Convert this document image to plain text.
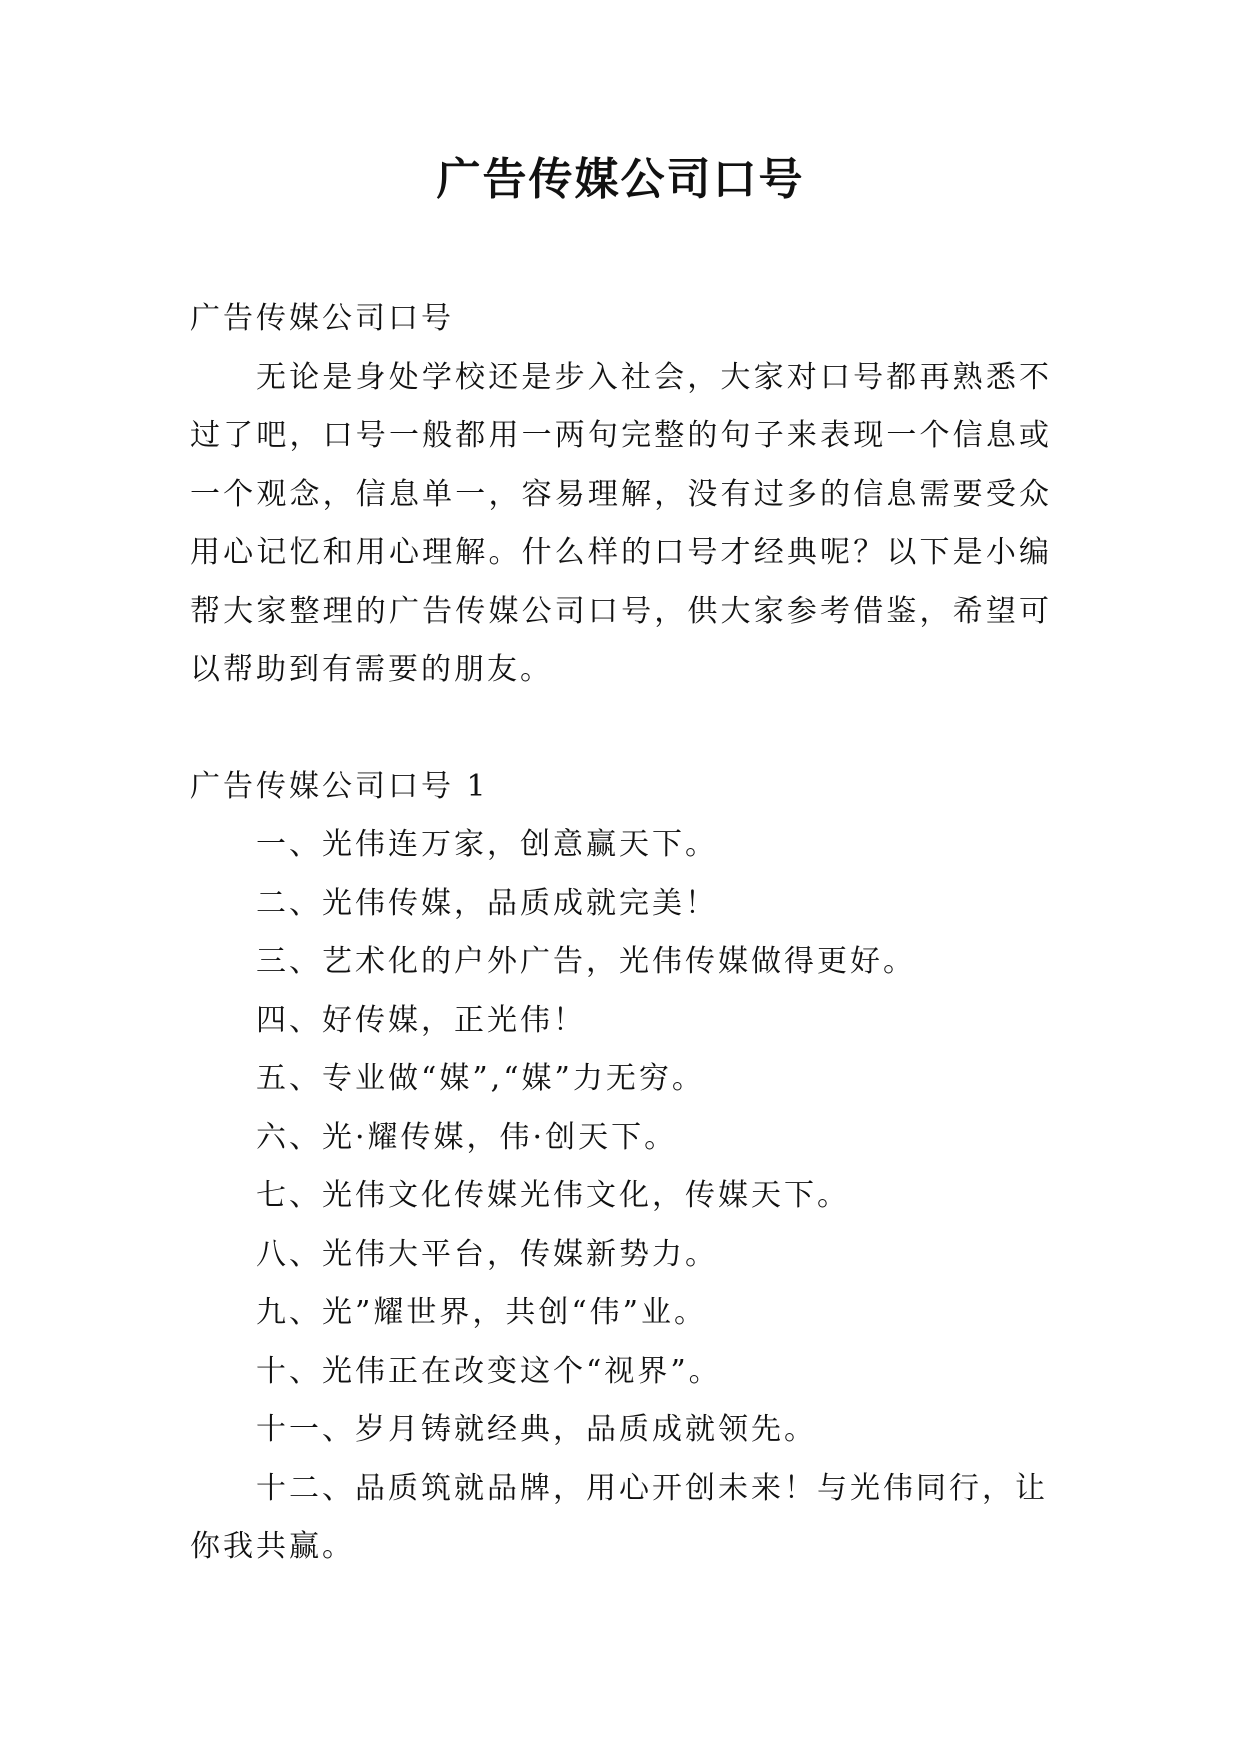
广告传媒公司口号

广告传媒公司口号

无论是身处学校还是步入社会，大家对口号都再熟悉不过了吧，口号一般都用一两句完整的句子来表现一个信息或一个观念，信息单一，容易理解，没有过多的信息需要受众用心记忆和用心理解。什么样的口号才经典呢？以下是小编帮大家整理的广告传媒公司口号，供大家参考借鉴，希望可以帮助到有需要的朋友。

广告传媒公司口号 1

一、光伟连万家，创意赢天下。

二、光伟传媒，品质成就完美！

三、艺术化的户外广告，光伟传媒做得更好。

四、好传媒，正光伟！

五、专业做“媒”,“媒”力无穷。

六、光·耀传媒，伟·创天下。

七、光伟文化传媒光伟文化，传媒天下。

八、光伟大平台，传媒新势力。

九、光”耀世界，共创“伟”业。

十、光伟正在改变这个“视界”。

十一、岁月铸就经典，品质成就领先。

十二、品质筑就品牌，用心开创未来！与光伟同行，让你我共赢。
